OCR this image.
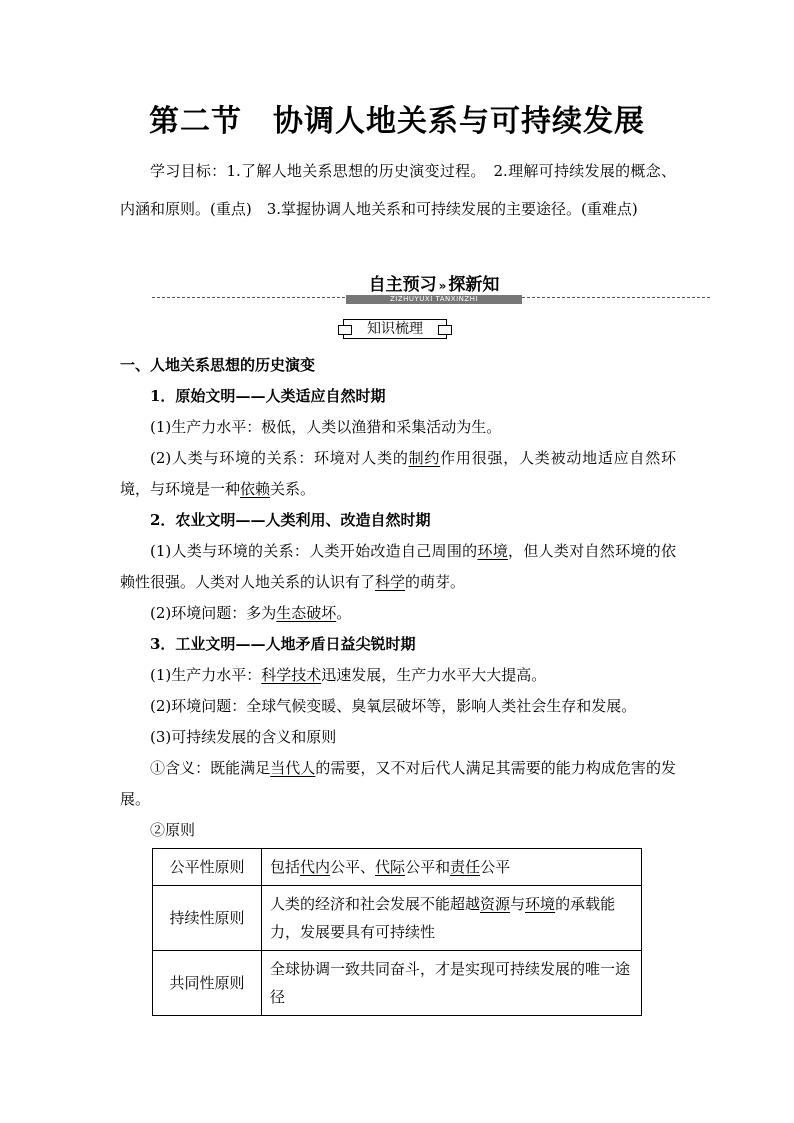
第二节　协调人地关系与可持续发展
学习目标：1.了解人地关系思想的历史演变过程。　2.理解可持续发展的概念、内涵和原则。(重点)　3.掌握协调人地关系和可持续发展的主要途径。(重难点)
自主预习 » 探新知
ZIZHUYUXI TANXINZHI
知识梳理

一、人地关系思想的历史演变

1．原始文明——人类适应自然时期

(1)生产力水平：极低，人类以渔猎和采集活动为生。

(2)人类与环境的关系：环境对人类的制约作用很强，人类被动地适应自然环境，与环境是一种依赖关系。

2．农业文明——人类利用、改造自然时期

(1)人类与环境的关系：人类开始改造自己周围的环境，但人类对自然环境的依赖性很强。人类对人地关系的认识有了科学的萌芽。

(2)环境问题：多为生态破坏。

3．工业文明——人地矛盾日益尖锐时期

(1)生产力水平：科学技术迅速发展，生产力水平大大提高。

(2)环境问题：全球气候变暖、臭氧层破坏等，影响人类社会生存和发展。

(3)可持续发展的含义和原则

①含义：既能满足当代人的需要，又不对后代人满足其需要的能力构成危害的发展。

②原则

公平性原则	包括代内公平、代际公平和责任公平
持续性原则	人类的经济和社会发展不能超越资源与环境的承载能力，发展要具有可持续性
共同性原则	全球协调一致共同奋斗，才是实现可持续发展的唯一途径
